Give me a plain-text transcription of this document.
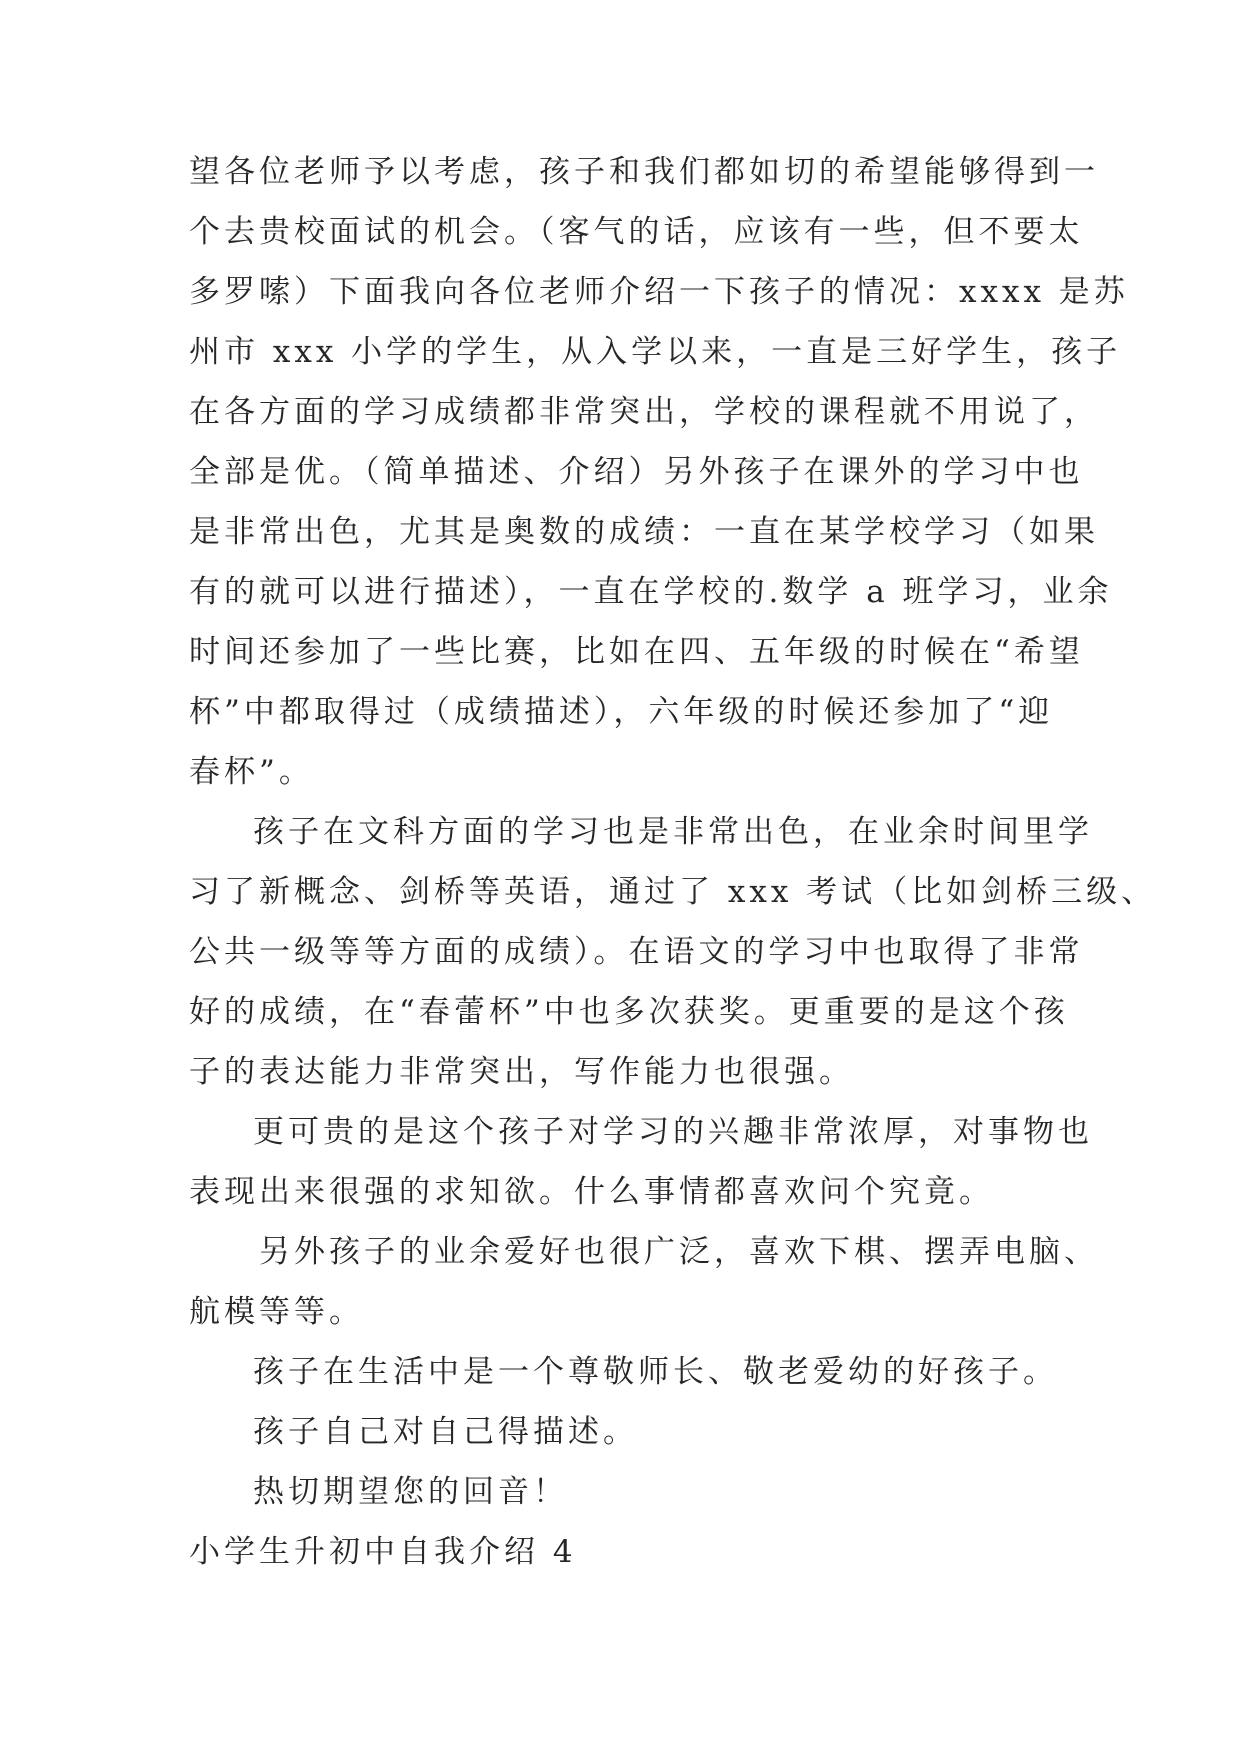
望各位老师予以考虑，孩子和我们都如切的希望能够得到一

个去贵校面试的机会。（客气的话，应该有一些，但不要太

多罗嗦）下面我向各位老师介绍一下孩子的情况：xxxx 是苏

州市 xxx 小学的学生，从入学以来，一直是三好学生，孩子

在各方面的学习成绩都非常突出，学校的课程就不用说了，

全部是优。（简单描述、介绍）另外孩子在课外的学习中也

是非常出色，尤其是奥数的成绩：一直在某学校学习（如果

有的就可以进行描述），一直在学校的.数学 a 班学习，业余

时间还参加了一些比赛，比如在四、五年级的时候在“希望

杯”中都取得过（成绩描述），六年级的时候还参加了“迎

春杯”。

孩子在文科方面的学习也是非常出色，在业余时间里学

习了新概念、剑桥等英语，通过了 xxx 考试（比如剑桥三级、

公共一级等等方面的成绩）。在语文的学习中也取得了非常

好的成绩，在“春蕾杯”中也多次获奖。更重要的是这个孩

子的表达能力非常突出，写作能力也很强。

更可贵的是这个孩子对学习的兴趣非常浓厚，对事物也

表现出来很强的求知欲。什么事情都喜欢问个究竟。

另外孩子的业余爱好也很广泛，喜欢下棋、摆弄电脑、

航模等等。

孩子在生活中是一个尊敬师长、敬老爱幼的好孩子。

孩子自己对自己得描述。

热切期望您的回音！

小学生升初中自我介绍 4
